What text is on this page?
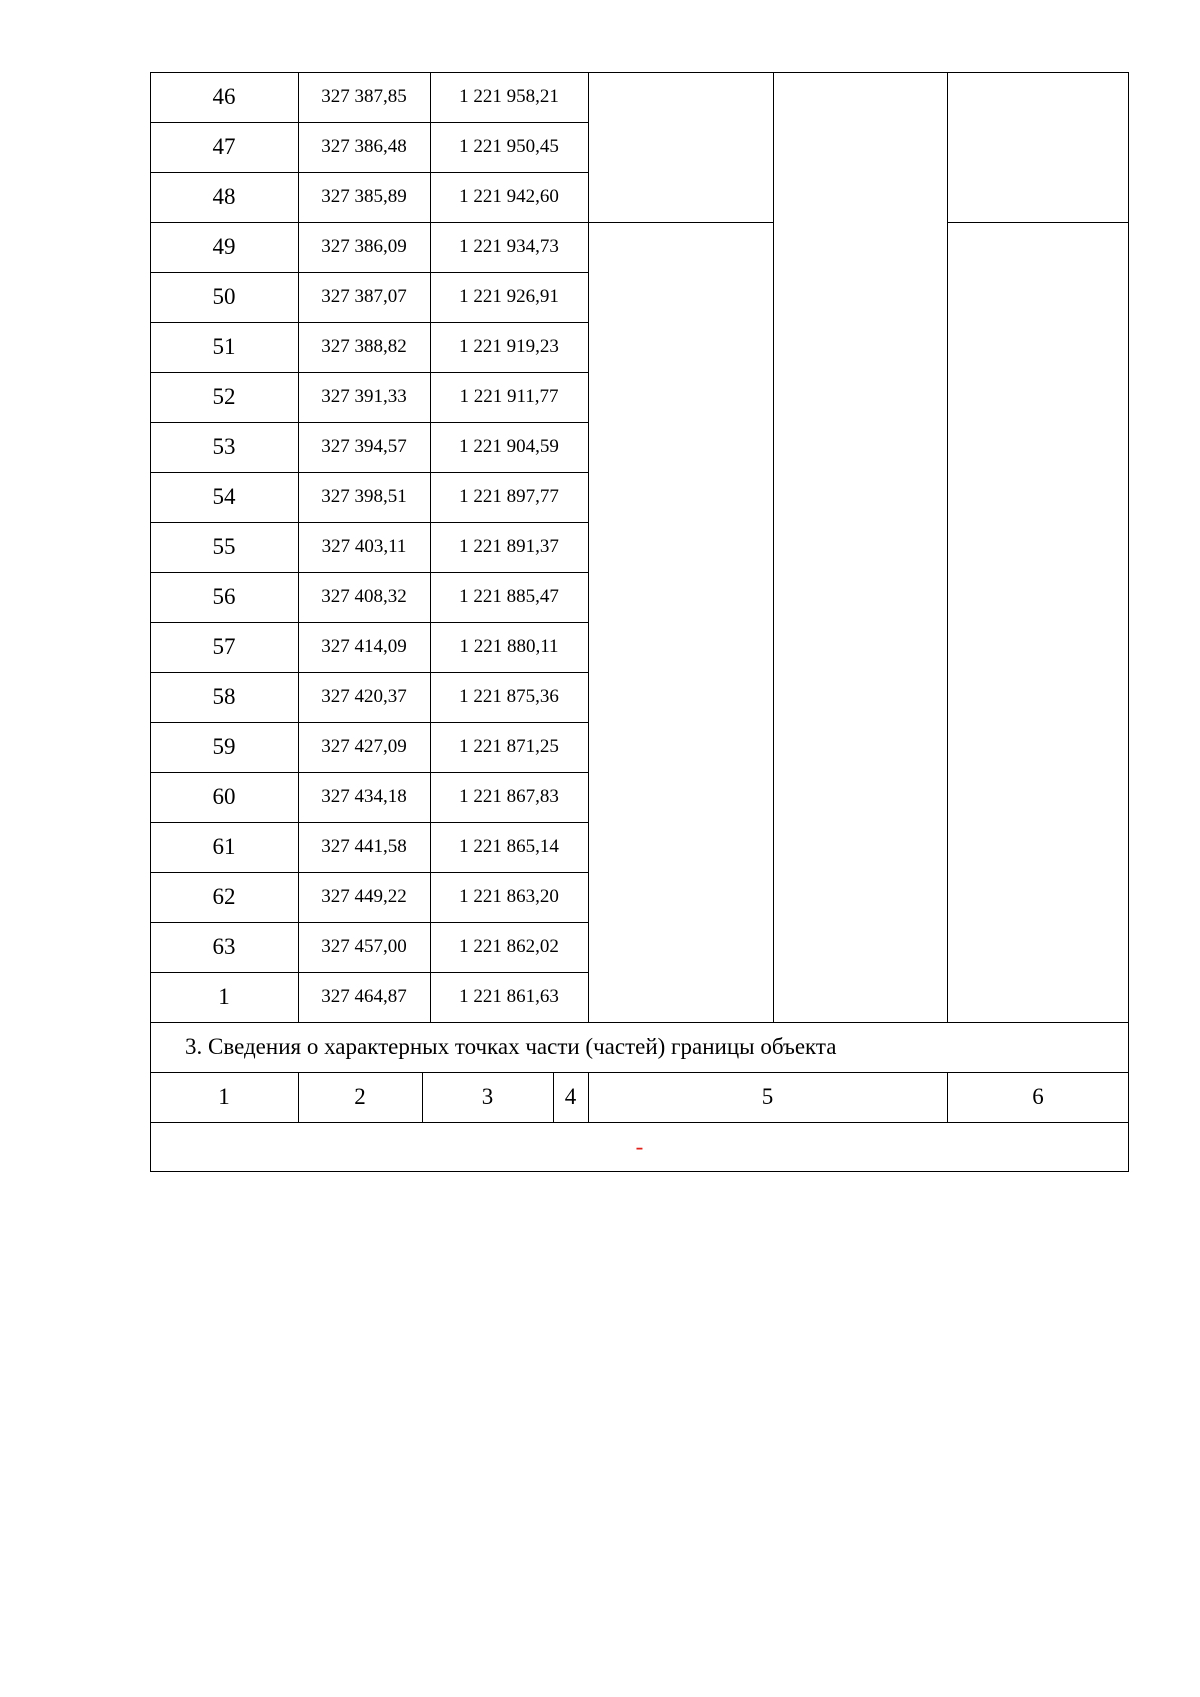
3. Сведения о характерных точках части (частей) границы объекта
1	2	3	4	5	6
-
46	327 387,85	1 221 958,21
47	327 386,48	1 221 950,45
48	327 385,89	1 221 942,60
49	327 386,09	1 221 934,73
50	327 387,07	1 221 926,91
51	327 388,82	1 221 919,23
52	327 391,33	1 221 911,77
53	327 394,57	1 221 904,59
54	327 398,51	1 221 897,77
55	327 403,11	1 221 891,37
56	327 408,32	1 221 885,47
57	327 414,09	1 221 880,11
58	327 420,37	1 221 875,36
59	327 427,09	1 221 871,25
60	327 434,18	1 221 867,83
61	327 441,58	1 221 865,14
62	327 449,22	1 221 863,20
63	327 457,00	1 221 862,02
1	327 464,87	1 221 861,63
